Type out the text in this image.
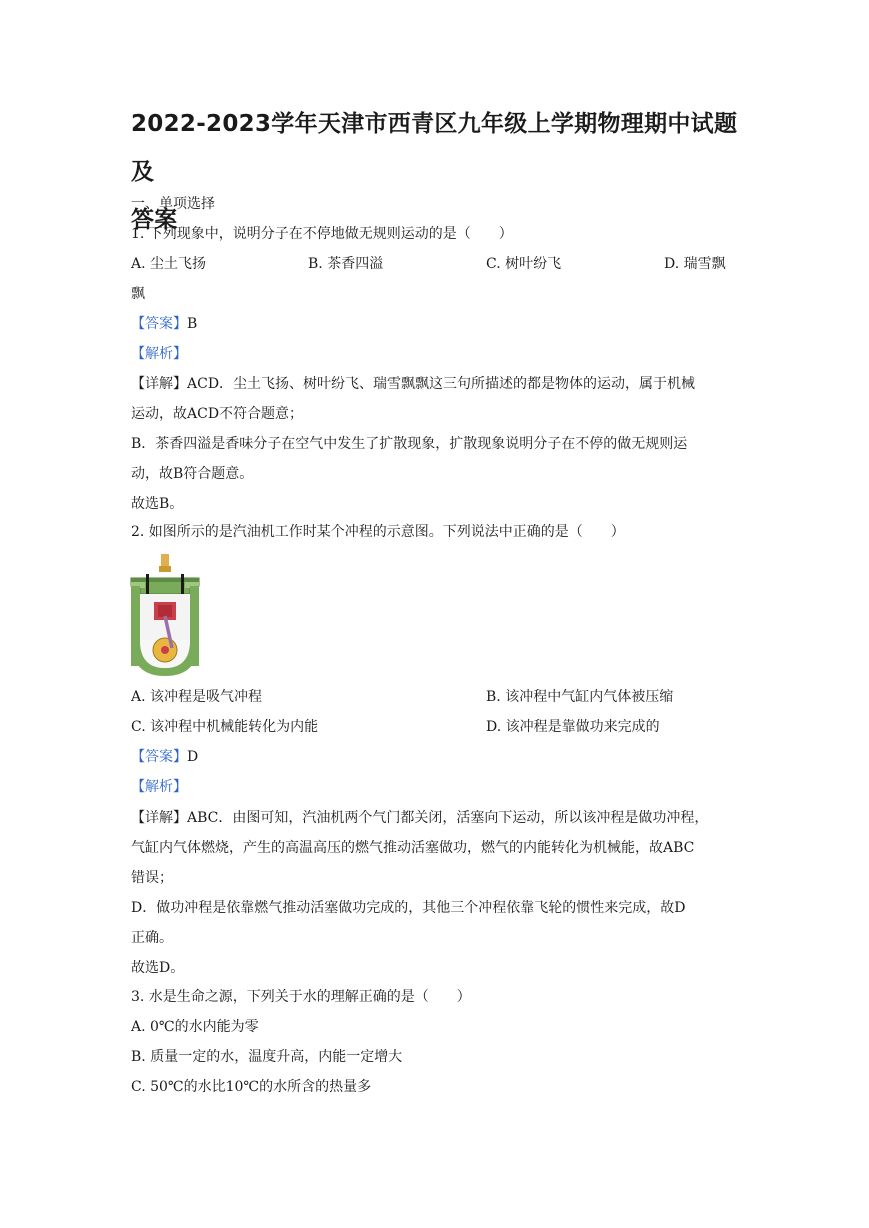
2022-2023学年天津市西青区九年级上学期物理期中试题及
答案
一、单项选择
1. 下列现象中，说明分子在不停地做无规则运动的是（　　）
A. 尘土飞扬	B. 茶香四溢	C. 树叶纷飞	D. 瑞雪飘
飘
【答案】B
【解析】
【详解】ACD．尘土飞扬、树叶纷飞、瑞雪飘飘这三句所描述的都是物体的运动，属于机械
运动，故ACD不符合题意；
B．茶香四溢是香味分子在空气中发生了扩散现象，扩散现象说明分子在不停的做无规则运
动，故B符合题意。
故选B。
2. 如图所示的是汽油机工作时某个冲程的示意图。下列说法中正确的是（　　）
A. 该冲程是吸气冲程	B. 该冲程中气缸内气体被压缩
C. 该冲程中机械能转化为内能	D. 该冲程是靠做功来完成的
【答案】D
【解析】
【详解】ABC．由图可知，汽油机两个气门都关闭，活塞向下运动，所以该冲程是做功冲程，
气缸内气体燃烧，产生的高温高压的燃气推动活塞做功，燃气的内能转化为机械能，故ABC
错误；
D．做功冲程是依靠燃气推动活塞做功完成的，其他三个冲程依靠飞轮的惯性来完成，故D
正确。
故选D。
3. 水是生命之源，下列关于水的理解正确的是（　　）
A. 0℃的水内能为零
B. 质量一定的水，温度升高，内能一定增大
C. 50℃的水比10℃的水所含的热量多
